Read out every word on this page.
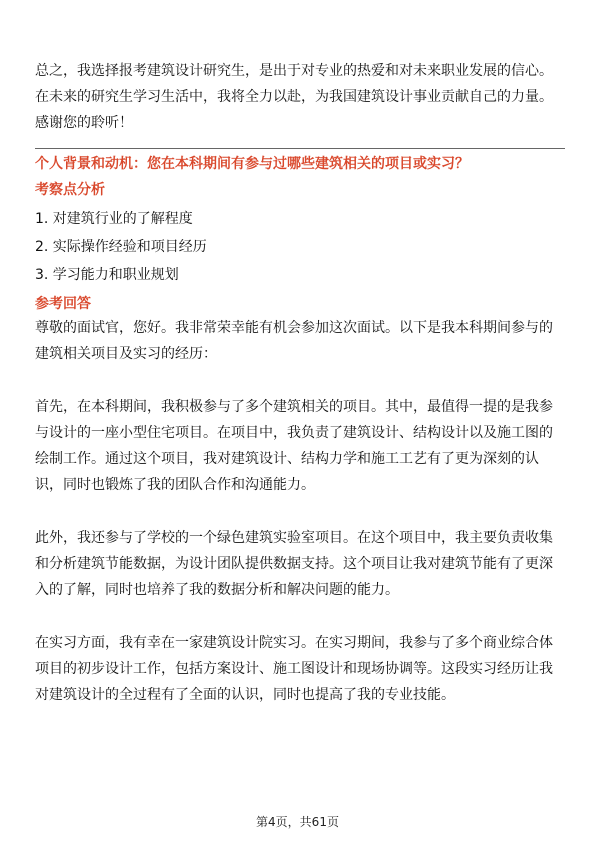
总之，我选择报考建筑设计研究生，是出于对专业的热爱和对未来职业发展的信心。在未来的研究生学习生活中，我将全力以赴，为我国建筑设计事业贡献自己的力量。感谢您的聆听！

个人背景和动机：您在本科期间有参与过哪些建筑相关的项目或实习？

考察点分析

1. 对建筑行业的了解程度
2. 实际操作经验和项目经历
3. 学习能力和职业规划

参考回答

尊敬的面试官，您好。我非常荣幸能有机会参加这次面试。以下是我本科期间参与的建筑相关项目及实习的经历：

首先，在本科期间，我积极参与了多个建筑相关的项目。其中，最值得一提的是我参与设计的一座小型住宅项目。在项目中，我负责了建筑设计、结构设计以及施工图的绘制工作。通过这个项目，我对建筑设计、结构力学和施工工艺有了更为深刻的认识，同时也锻炼了我的团队合作和沟通能力。

此外，我还参与了学校的一个绿色建筑实验室项目。在这个项目中，我主要负责收集和分析建筑节能数据，为设计团队提供数据支持。这个项目让我对建筑节能有了更深入的了解，同时也培养了我的数据分析和解决问题的能力。

在实习方面，我有幸在一家建筑设计院实习。在实习期间，我参与了多个商业综合体项目的初步设计工作，包括方案设计、施工图设计和现场协调等。这段实习经历让我对建筑设计的全过程有了全面的认识，同时也提高了我的专业技能。

第4页，共61页
